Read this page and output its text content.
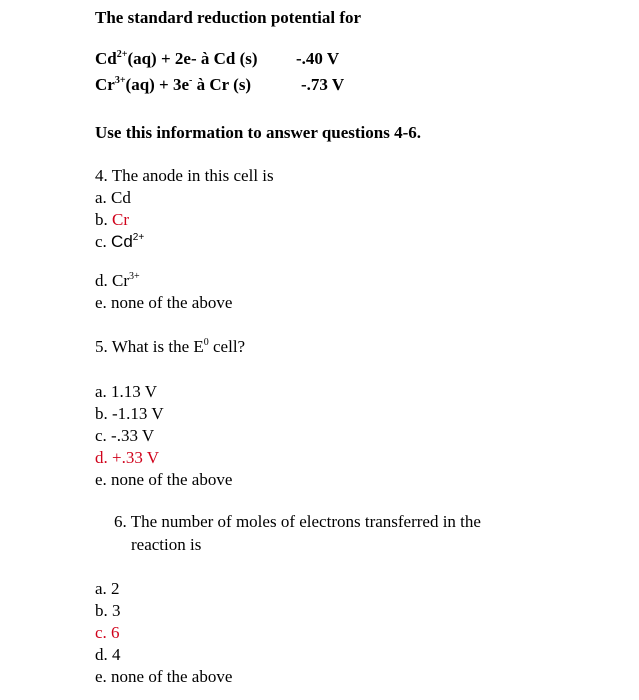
The standard reduction potential for
$Cd^{2+}(aq) + 2e-$ à Cd (s) -.40 V
$Cr^{3+}(aq) + 3e^-$ à Cr (s)	-.73 V
Use this information to answer questions 4-6.
4. The anode in this cell is
a. Cd
b. Cr
c. $Cd^{2+}$
d. $Cr^{3+}$
e. none of the above
5. What is the $E^0$ cell?
a. 1.13 V
b. -1.13 V
c. -.33 V
d. +.33 V
e. none of the above
6. The number of moles of electrons transferred in the
reaction is
a. 2
b. 3
c. 6
d. 4
e. none of the above
